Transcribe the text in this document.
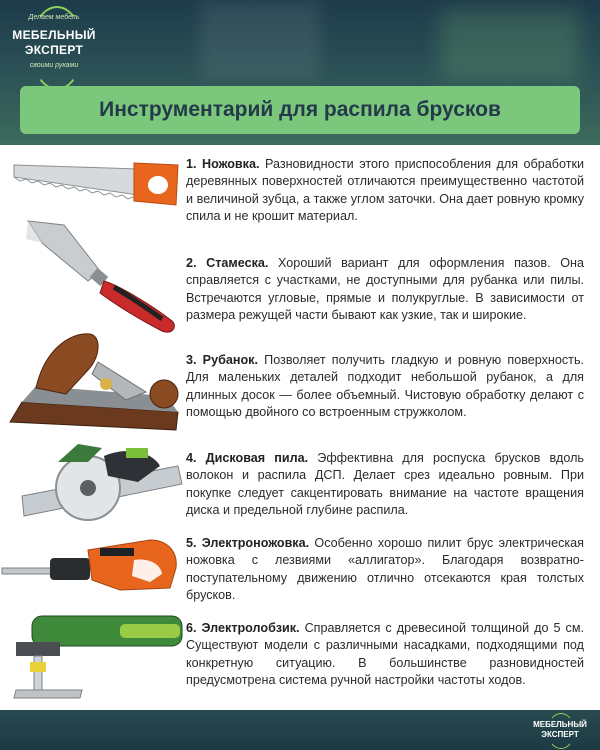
Делаем мебель
МЕБЕЛЬНЫЙ
ЭКСПЕРТ
своими руками
Инструментарий для распила брусков
1. Ножовка. Разновидности этого приспособления для обработки деревянных поверхностей отличаются преимущественно частотой и величиной зубца, а также углом заточки. Она дает ровную кромку спила и не крошит материал.
2. Стамеска. Хороший вариант для оформления пазов. Она справляется с участками, не доступными для рубанка или пилы. Встречаются угловые, прямые и полукруглые. В зависимости от размера режущей части бывают как узкие, так и широкие.
3. Рубанок. Позволяет получить гладкую и ровную поверхность. Для маленьких деталей подходит небольшой рубанок, а для длинных досок — более объемный. Чистовую обработку делают с помощью двойного со встроенным стружколом.
4. Дисковая пила. Эффективна для роспуска брусков вдоль волокон и распила ДСП. Делает срез идеально ровным. При покупке следует сакцентировать внимание на частоте вращения диска и предельной глубине распила.
5. Электроножовка. Особенно хорошо пилит брус электрическая ножовка с лезвиями «аллигатор». Благодаря возвратно-поступательному движению отлично отсекаются края толстых брусков.
6. Электролобзик. Справляется с древесиной толщиной до 5 см. Существуют модели с различными насадками, подходящими под конкретную ситуацию. В большинстве разновидностей предусмотрена система ручной настройки частоты ходов.
МЕБЕЛЬНЫЙ
ЭКСПЕРТ
